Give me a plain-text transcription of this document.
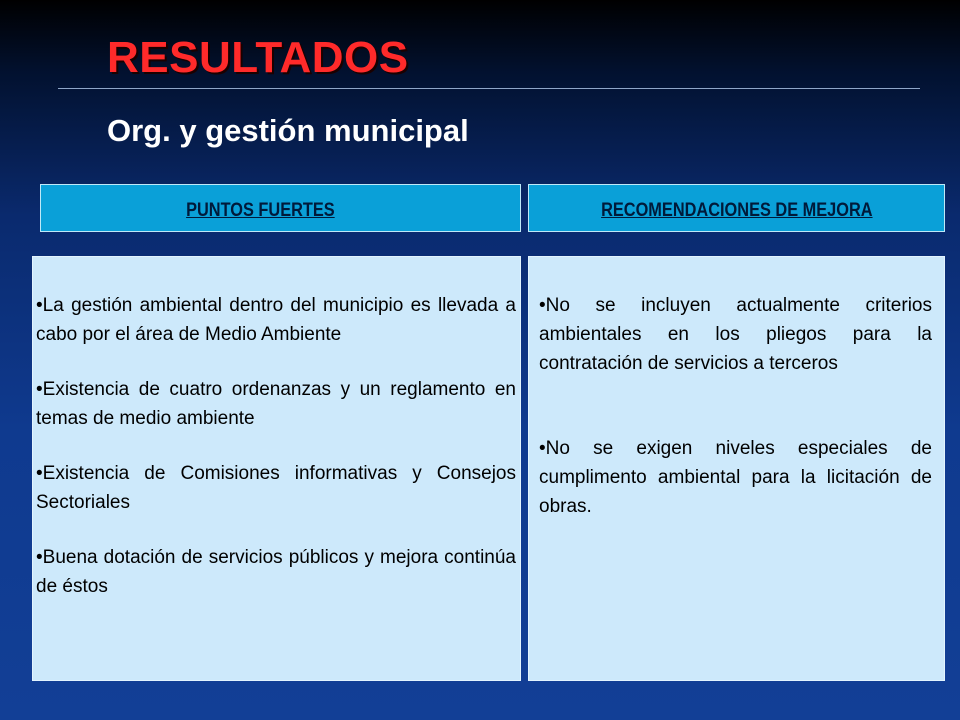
RESULTADOS
Org. y gestión municipal
PUNTOS FUERTES	RECOMENDACIONES DE MEJORA

•La gestión ambiental dentro del municipio es llevada a cabo por el área de Medio Ambiente

•Existencia de cuatro ordenanzas y un reglamento en temas de medio ambiente

•Existencia de Comisiones informativas y Consejos Sectoriales

•Buena dotación de servicios públicos y mejora continúa de éstos

•No se incluyen actualmente criterios ambientales en los pliegos para la contratación de servicios a terceros

•No se exigen niveles especiales de cumplimento ambiental para la licitación de obras.
